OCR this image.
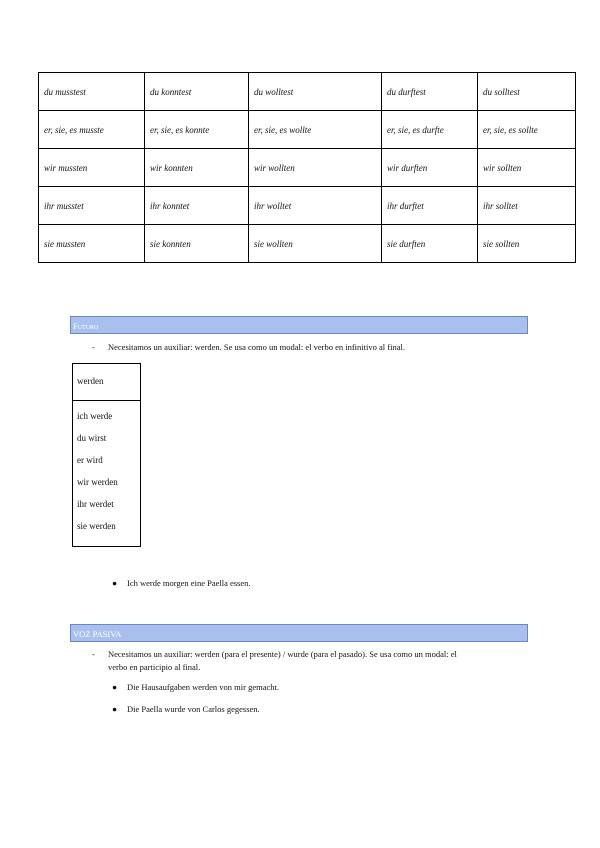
du musstest	du konntest	du wolltest	du durftest	du solltest
er, sie, es musste	er, sie, es konnte	er, sie, es wollte	er, sie, es durfte	er, sie, es sollte
wir mussten	wir konnten	wir wollten	wir durften	wir sollten
ihr musstet	ihr konntet	ihr wolltet	ihr durftet	ihr solltet
sie mussten	sie konnten	sie wollten	sie durften	sie sollten
Futuro
- Necesitamos un auxiliar: werden. Se usa como un modal: el verbo en infinitivo al final.
werden
ich werde
du wirst
er wird
wir werden
ihr werdet
sie werden
● Ich werde morgen eine Paella essen.
VOZ PASIVA
- Necesitamos un auxiliar: werden (para el presente) / wurde (para el pasado). Se usa como un modal: el
verbo en participio al final.
● Die Hausaufgaben werden von mir gemacht.
● Die Paella wurde von Carlos gegessen.
